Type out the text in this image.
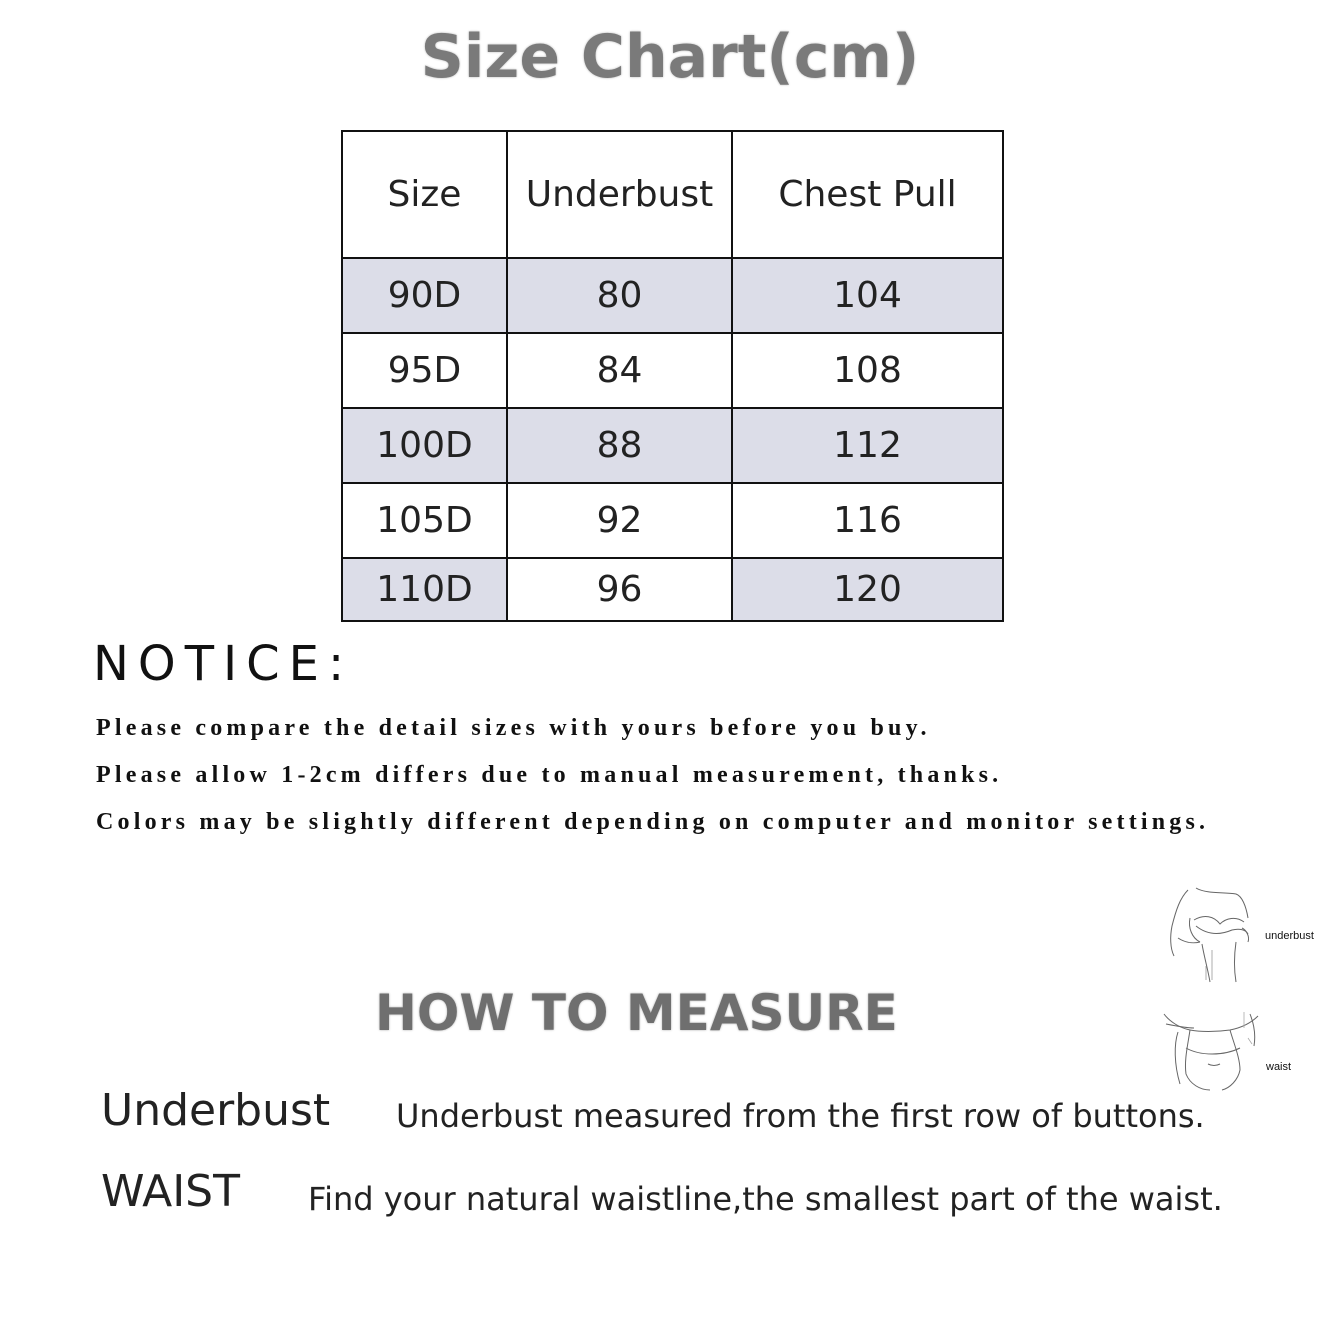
Size Chart(cm)
Size	Underbust	Chest Pull
90D	80	104
95D	84	108
100D	88	112
105D	92	116
110D	96	120
NOTICE:
Please compare the detail sizes with yours before you buy.
Please allow 1-2cm differs due to manual measurement, thanks.
Colors may be slightly different depending on computer and monitor settings.
underbust
waist
HOW TO MEASURE
Underbust Underbust measured from the first row of buttons.
WAIST Find your natural waistline,the smallest part of the waist.
